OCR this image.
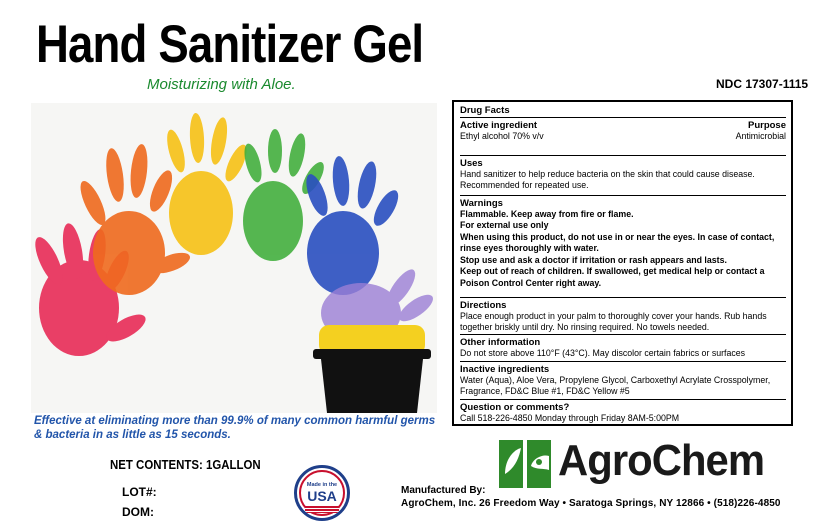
Hand Sanitizer Gel
Moisturizing with Aloe.	NDC 17307-1115
Effective at eliminating more than 99.9% of many common harmful germs & bacteria in as little as 15 seconds.
NET CONTENTS: 1GALLON
LOT#:
DOM:
Made in the
USA	Manufactured By:
AgroChem, Inc. 26 Freedom Way • Saratoga Springs, NY 12866 • (518)226-4850
AgroChem
Drug Facts
Active ingredient	Purpose
Ethyl alcohol 70% v/v	Antimicrobial
Uses
Hand sanitizer to help reduce bacteria on the skin that could cause disease. Recommended for repeated use.
Warnings
Flammable. Keep away from fire or flame.
For external use only
When using this product, do not use in or near the eyes. In case of contact, rinse eyes thoroughly with water.
Stop use and ask a doctor if irritation or rash appears and lasts.
Keep out of reach of children. If swallowed, get medical help or contact a Poison Control Center right away.
Directions
Place enough product in your palm to thoroughly cover your hands. Rub hands together briskly until dry. No rinsing required. No towels needed.
Other information
Do not store above 110°F (43°C). May discolor certain fabrics or surfaces
Inactive ingredients
Water (Aqua), Aloe Vera, Propylene Glycol, Carboxethyl Acrylate Crosspolymer, Fragrance, FD&C Blue #1, FD&C Yellow #5
Question or comments?
Call 518-226-4850 Monday through Friday 8AM-5:00PM
